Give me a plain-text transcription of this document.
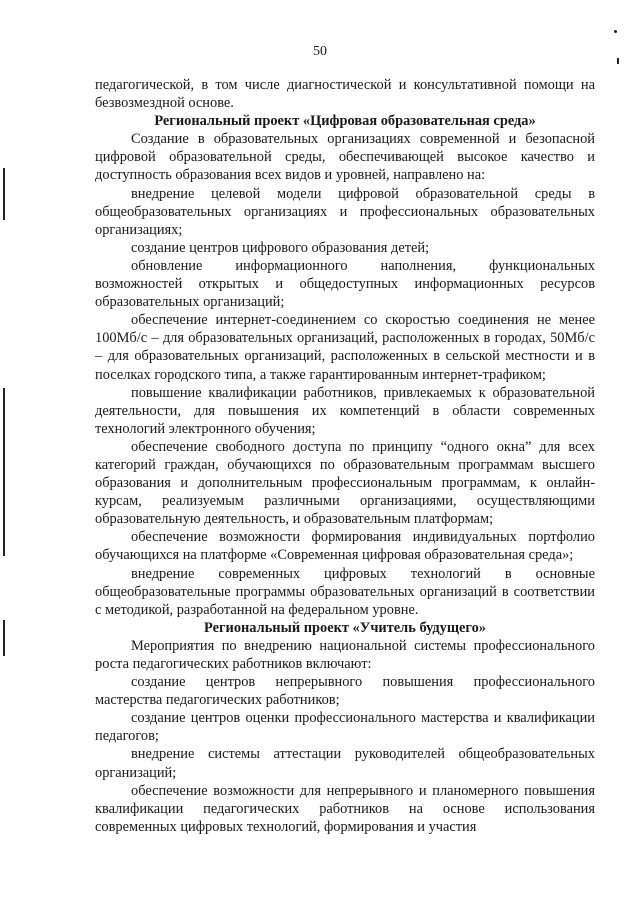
50

педагогической, в том числе диагностической и консультативной помощи на безвозмездной основе.

Региональный проект «Цифровая образовательная среда»

Создание в образовательных организациях современной и безопасной цифровой образовательной среды, обеспечивающей высокое качество и доступность образования всех видов и уровней, направлено на:

внедрение целевой модели цифровой образовательной среды в общеобразовательных организациях и профессиональных образовательных организациях;

создание центров цифрового образования детей;

обновление информационного наполнения, функциональных возможностей открытых и общедоступных информационных ресурсов образовательных организаций;

обеспечение интернет-соединением со скоростью соединения не менее 100Мб/с – для образовательных организаций, расположенных в городах, 50Мб/с – для образовательных организаций, расположенных в сельской местности и в поселках городского типа, а также гарантированным интернет-трафиком;

повышение квалификации работников, привлекаемых к образовательной деятельности, для повышения их компетенций в области современных технологий электронного обучения;

обеспечение свободного доступа по принципу “одного окна” для всех категорий граждан, обучающихся по образовательным программам высшего образования и дополнительным профессиональным программам, к онлайн-курсам, реализуемым различными организациями, осуществляющими образовательную деятельность, и образовательным платформам;

обеспечение возможности формирования индивидуальных портфолио обучающихся на платформе «Современная цифровая образовательная среда»;

внедрение современных цифровых технологий в основные общеобразовательные программы образовательных организаций в соответствии с методикой, разработанной на федеральном уровне.

Региональный проект «Учитель будущего»

Мероприятия по внедрению национальной системы профессионального роста педагогических работников включают:

создание центров непрерывного повышения профессионального мастерства педагогических работников;

создание центров оценки профессионального мастерства и квалификации педагогов;

внедрение системы аттестации руководителей общеобразовательных организаций;

обеспечение возможности для непрерывного и планомерного повышения квалификации педагогических работников на основе использования современных цифровых технологий, формирования и участия
